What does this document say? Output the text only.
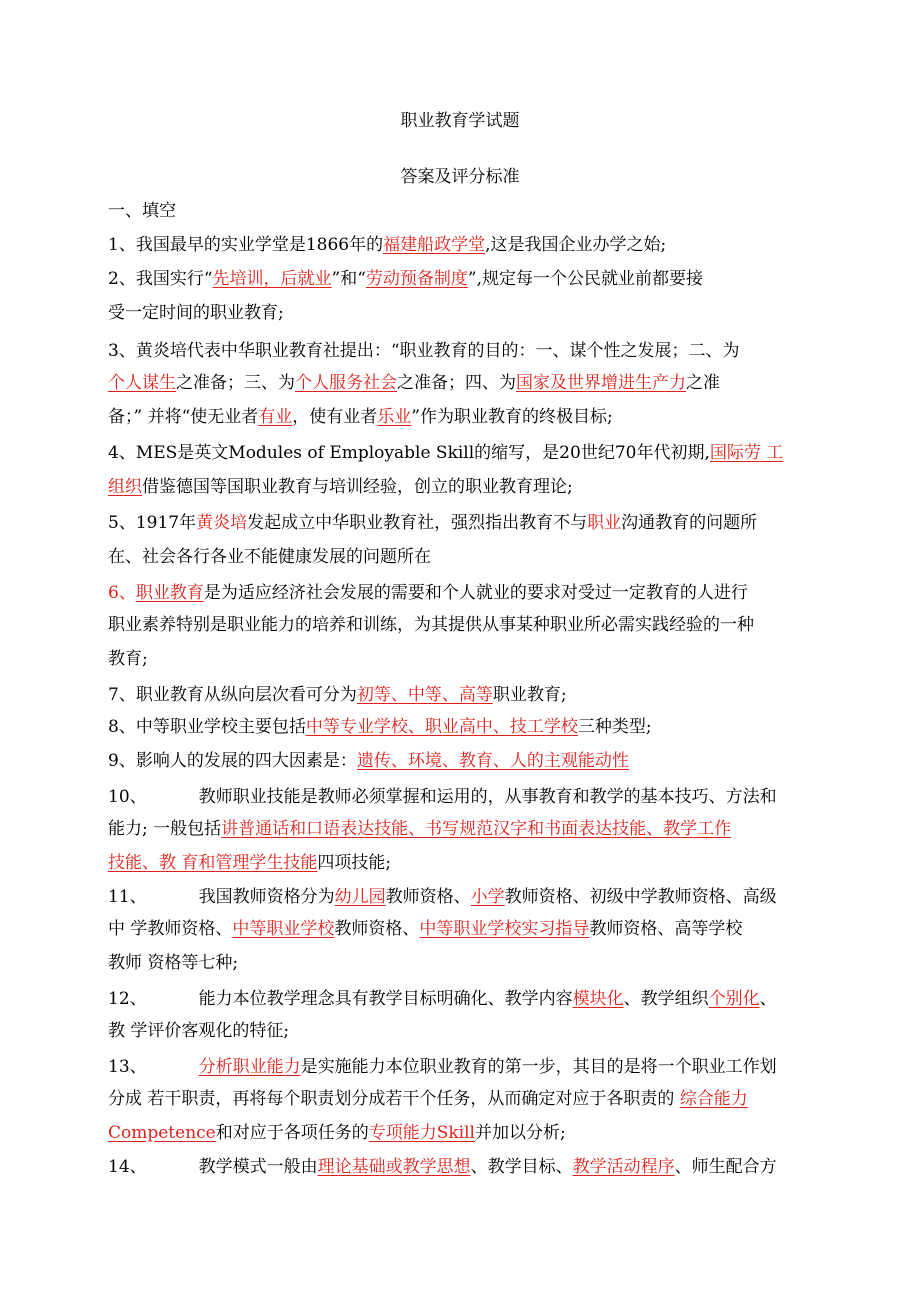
职业教育学试题
答案及评分标准
一、填空
1、我国最早的实业学堂是1866年的福建船政学堂,这是我国企业办学之始;
2、我国实行“先培训，后就业”和“劳动预备制度”,规定每一个公民就业前都要接
受一定时间的职业教育;
3、黄炎培代表中华职业教育社提出：“职业教育的目的：一、谋个性之发展；二、为
个人谋生之准备；三、为个人服务社会之准备；四、为国家及世界增进生产力之准
备；” 并将“使无业者有业，使有业者乐业”作为职业教育的终极目标;
4、MES是英文Modules of Employable Skill的缩写，是20世纪70年代初期,国际劳 工
组织借鉴德国等国职业教育与培训经验，创立的职业教育理论;
5、1917年黄炎培发起成立中华职业教育社，强烈指出教育不与职业沟通教育的问题所
在、社会各行各业不能健康发展的问题所在
6、职业教育是为适应经济社会发展的需要和个人就业的要求对受过一定教育的人进行
职业素养特别是职业能力的培养和训练，为其提供从事某种职业所必需实践经验的一种
教育;
7、职业教育从纵向层次看可分为初等、中等、高等职业教育;
8、中等职业学校主要包括中等专业学校、职业高中、技工学校三种类型;
9、影响人的发展的四大因素是：遗传、环境、教育、人的主观能动性
10、	教师职业技能是教师必须掌握和运用的，从事教育和教学的基本技巧、方法和
能力; 一般包括讲普通话和口语表达技能、书写规范汉字和书面表达技能、教学工作
技能、教 育和管理学生技能四项技能;
11、	我国教师资格分为幼儿园教师资格、小学教师资格、初级中学教师资格、高级
中 学教师资格、中等职业学校教师资格、中等职业学校实习指导教师资格、高等学校
教师 资格等七种;
12、	能力本位教学理念具有教学目标明确化、教学内容模块化、教学组织个别化、
教 学评价客观化的特征;
13、	分析职业能力是实施能力本位职业教育的第一步，其目的是将一个职业工作划
分成 若干职责，再将每个职责划分成若干个任务，从而确定对应于各职责的 综合能力
Competence和对应于各项任务的专项能力Skill并加以分析;
14、	教学模式一般由理论基础或教学思想、教学目标、教学活动程序、师生配合方
